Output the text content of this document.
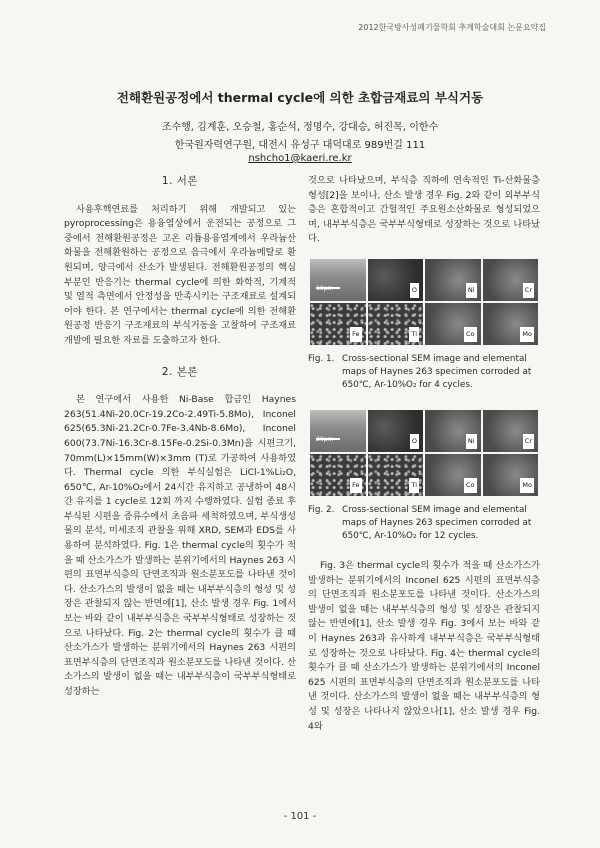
2012한국방사성폐기물학회 추계학술대회 논문요약집
전해환원공정에서 thermal cycle에 의한 초합금재료의 부식거동
조수행, 김계훈, 오승철, 홍순석, 정명수, 강대승, 허진목, 이한수
한국원자력연구원, 대전시 유성구 대덕대로 989번길 111
nshcho1@kaeri.re.kr
1. 서론

사용후핵연료를 처리하기 위해 개발되고 있는 pyroprocessing은 용융염상에서 운전되는 공정으로 그 중에서 전해환원공정은 고온 리튬용융염계에서 우라늄산화물을 전해환원하는 공정으로 음극에서 우라늄메탈로 환원되며, 양극에서 산소가 발생된다. 전해환원공정의 핵심부분인 반응기는 thermal cycle에 의한 화학적, 기계적 및 열적 측면에서 안정성을 만족시키는 구조재료로 설계되어야 한다. 본 연구에서는 thermal cycle에 의한 전해환원공정 반응기 구조재료의 부식거동을 고찰하여 구조재료 개발에 필요한 자료를 도출하고자 한다.

2. 본론

본 연구에서 사용한 Ni-Base 합금인 Haynes 263(51.4Ni-20.0Cr-19.2Co-2.49Ti-5.8Mo), Inconel 625(65.3Ni-21.2Cr-0.7Fe-3.4Nb-8.6Mo), Inconel 600(73.7Ni-16.3Cr-8.15Fe-0.2Si-0.3Mn)을 시편크기, 70mm(L)×15mm(W)×3mm (T)로 가공하여 사용하였다. Thermal cycle 의한 부식실험은 LiCl-1%Li₂O, 650℃, Ar-10%O₂에서 24시간 유지하고 공냉하여 48시간 유지를 1 cycle로 12회 까지 수행하였다. 실험 종료 후 부식된 시편을 증류수에서 초음파 세척하였으며, 부식생성물의 분석, 미세조직 관찰을 위해 XRD, SEM과 EDS를 사용하여 분석하였다. Fig. 1은 thermal cycle의 횟수가 적을 때 산소가스가 발생하는 분위기에서의 Haynes 263 시편의 표면부식층의 단면조직과 원소분포도를 나타낸 것이다. 산소가스의 발생이 없을 때는 내부부식층의 형성 및 성장은 관찰되지 않는 반면에[1], 산소 발생 경우 Fig. 1에서 보는 바와 같이 내부부식층은 국부부식형태로 성장하는 것으로 나타났다. Fig. 2는 thermal cycle의 횟수가 클 때 산소가스가 발생하는 분위기에서의 Haynes 263 시편의 표면부식층의 단면조직과 원소분포도를 나타낸 것이다. 산소가스의 발생이 없을 때는 내부부식층이 국부부식형태로 성장하는

것으로 나타났으며, 부식층 직하에 연속적인 Ti-산화물층 형성[2]을 보이나, 산소 발생 경우 Fig. 2와 같이 외부부식층은 혼합적이고 간헐적인 주요원소산화물로 형성되었으며, 내부부식층은 국부부식형태로 성장하는 것으로 나타났다.

10μm	O	Ni	Cr
Fe	Ti	Co	Mo
Fig. 1. Cross-sectional SEM image and elemental maps of Haynes 263 specimen corroded at 650℃, Ar-10%O₂ for 4 cycles.
20μm	O	Ni	Cr
Fe	Ti	Co	Mo
Fig. 2. Cross-sectional SEM image and elemental maps of Haynes 263 specimen corroded at 650℃, Ar-10%O₂ for 12 cycles.

Fig. 3은 thermal cycle의 횟수가 적을 때 산소가스가 발생하는 분위기에서의 Inconel 625 시편의 표면부식층의 단면조직과 원소분포도를 나타낸 것이다. 산소가스의 발생이 없을 때는 내부부식층의 형성 및 성장은 관찰되지 않는 반면에[1], 산소 발생 경우 Fig. 3에서 보는 바와 같이 Haynes 263과 유사하게 내부부식층은 국부부식형태로 성장하는 것으로 나타났다. Fig. 4는 thermal cycle의 횟수가 클 때 산소가스가 발생하는 분위기에서의 Inconel 625 시편의 표면부식층의 단면조직과 원소분포도를 나타낸 것이다. 산소가스의 발생이 없을 때는 내부부식층의 형성 및 성장은 나타나지 않았으나[1], 산소 발생 경우 Fig. 4와

- 101 -
